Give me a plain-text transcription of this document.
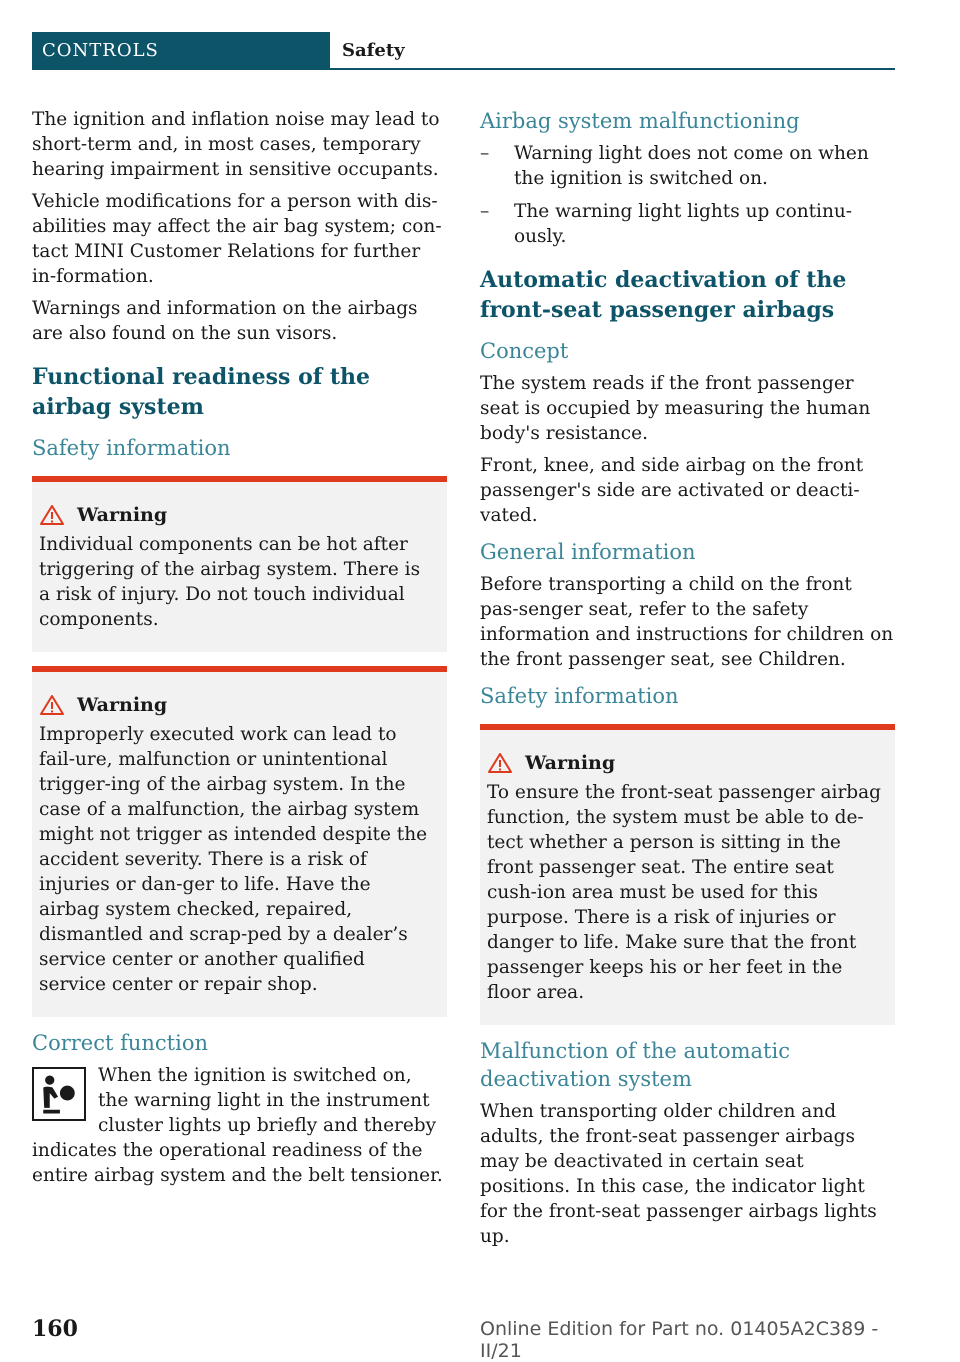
CONTROLS	Safety

The ignition and inflation noise may lead to short-term and, in most cases, temporary hearing impairment in sensitive occupants.

Vehicle modifications for a person with dis-abilities may affect the air bag system; con-tact MINI Customer Relations for further in-formation.

Warnings and information on the airbags are also found on the sun visors.

Functional readiness of the airbag system
Safety information
Warning

Individual components can be hot after triggering of the airbag system. There is a risk of injury. Do not touch individual components.

Warning

Improperly executed work can lead to fail-ure, malfunction or unintentional trigger-ing of the airbag system. In the case of a malfunction, the airbag system might not trigger as intended despite the accident severity. There is a risk of injuries or dan-ger to life. Have the airbag system checked, repaired, dismantled and scrap-ped by a dealer’s service center or another qualified service center or repair shop.

Correct function

When the ignition is switched on, the warning light in the instrument cluster lights up briefly and thereby indicates the operational readiness of the entire airbag system and the belt tensioner.

Airbag system malfunctioning
–	Warning light does not come on when the ignition is switched on.
–	The warning light lights up continu-ously.
Automatic deactivation of the front-seat passenger airbags
Concept

The system reads if the front passenger seat is occupied by measuring the human body's resistance.

Front, knee, and side airbag on the front passenger's side are activated or deacti-vated.

General information

Before transporting a child on the front pas-senger seat, refer to the safety information and instructions for children on the front passenger seat, see Children.

Safety information
Warning

To ensure the front-seat passenger airbag function, the system must be able to de-tect whether a person is sitting in the front passenger seat. The entire seat cush-ion area must be used for this purpose. There is a risk of injuries or danger to life. Make sure that the front passenger keeps his or her feet in the floor area.

Malfunction of the automatic deactivation system

When transporting older children and adults, the front-seat passenger airbags may be deactivated in certain seat positions. In this case, the indicator light for the front-seat passenger airbags lights up.

160	Online Edition for Part no. 01405A2C389 - II/21
